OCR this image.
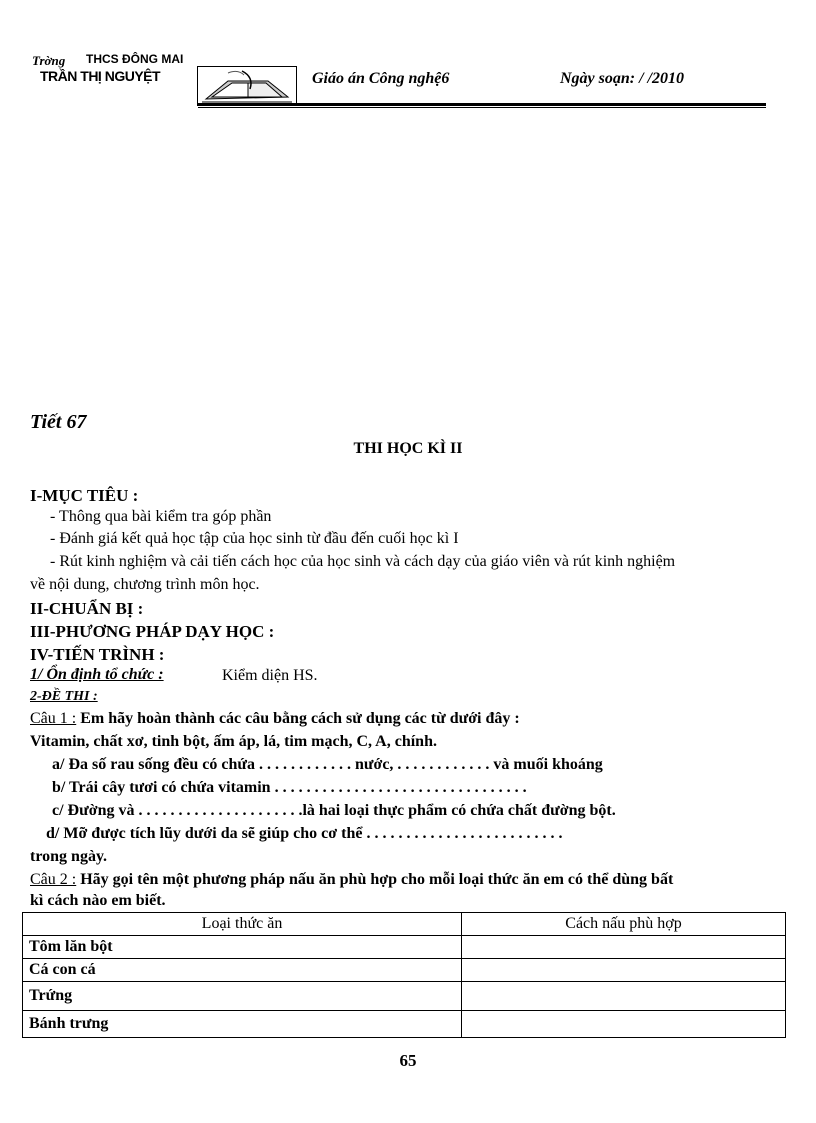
Trờng THCS ĐÔNG MAI
TRẦN THỊ NGUYỆT	Giáo án Công nghệ6	Ngày soạn: / /2010
Tiết 67
THI HỌC KÌ II
I-MỤC TIÊU :
- Thông qua bài kiểm tra góp phần
- Đánh giá kết quả học tập của học sinh từ đầu đến cuối học kì I
- Rút kinh nghiệm và cải tiến cách học của học sinh và cách dạy của giáo viên và rút kinh nghiệm
về nội dung, chương trình môn học.
II-CHUẨN BỊ :
III-PHƯƠNG PHÁP DẠY HỌC :
IV-TIẾN TRÌNH :
1/ Ổn định tổ chức :	Kiểm diện HS.
2-ĐỀ THI :
Câu 1 : Em hãy hoàn thành các câu bằng cách sử dụng các từ dưới đây :
Vitamin, chất xơ, tinh bột, ấm áp, lá, tim mạch, C, A, chính.
a/ Đa số rau sống đều có chứa . . . . . . . . . . . . nước, . . . . . . . . . . . . và muối khoáng
b/ Trái cây tươi có chứa vitamin . . . . . . . . . . . . . . . . . . . . . . . . . . . . . . . .
c/ Đường và . . . . . . . . . . . . . . . . . . . . .là hai loại thực phẩm có chứa chất đường bột.
d/ Mỡ được tích lũy dưới da sẽ giúp cho cơ thể . . . . . . . . . . . . . . . . . . . . . . . . .
trong ngày.
Câu 2 : Hãy gọi tên một phương pháp nấu ăn phù hợp cho mỗi loại thức ăn em có thể dùng bất
kì cách nào em biết.
Loại thức ăn	Cách nấu phù hợp
Tôm lăn bột	
Cá con cá	
Trứng	
Bánh trưng	
65
